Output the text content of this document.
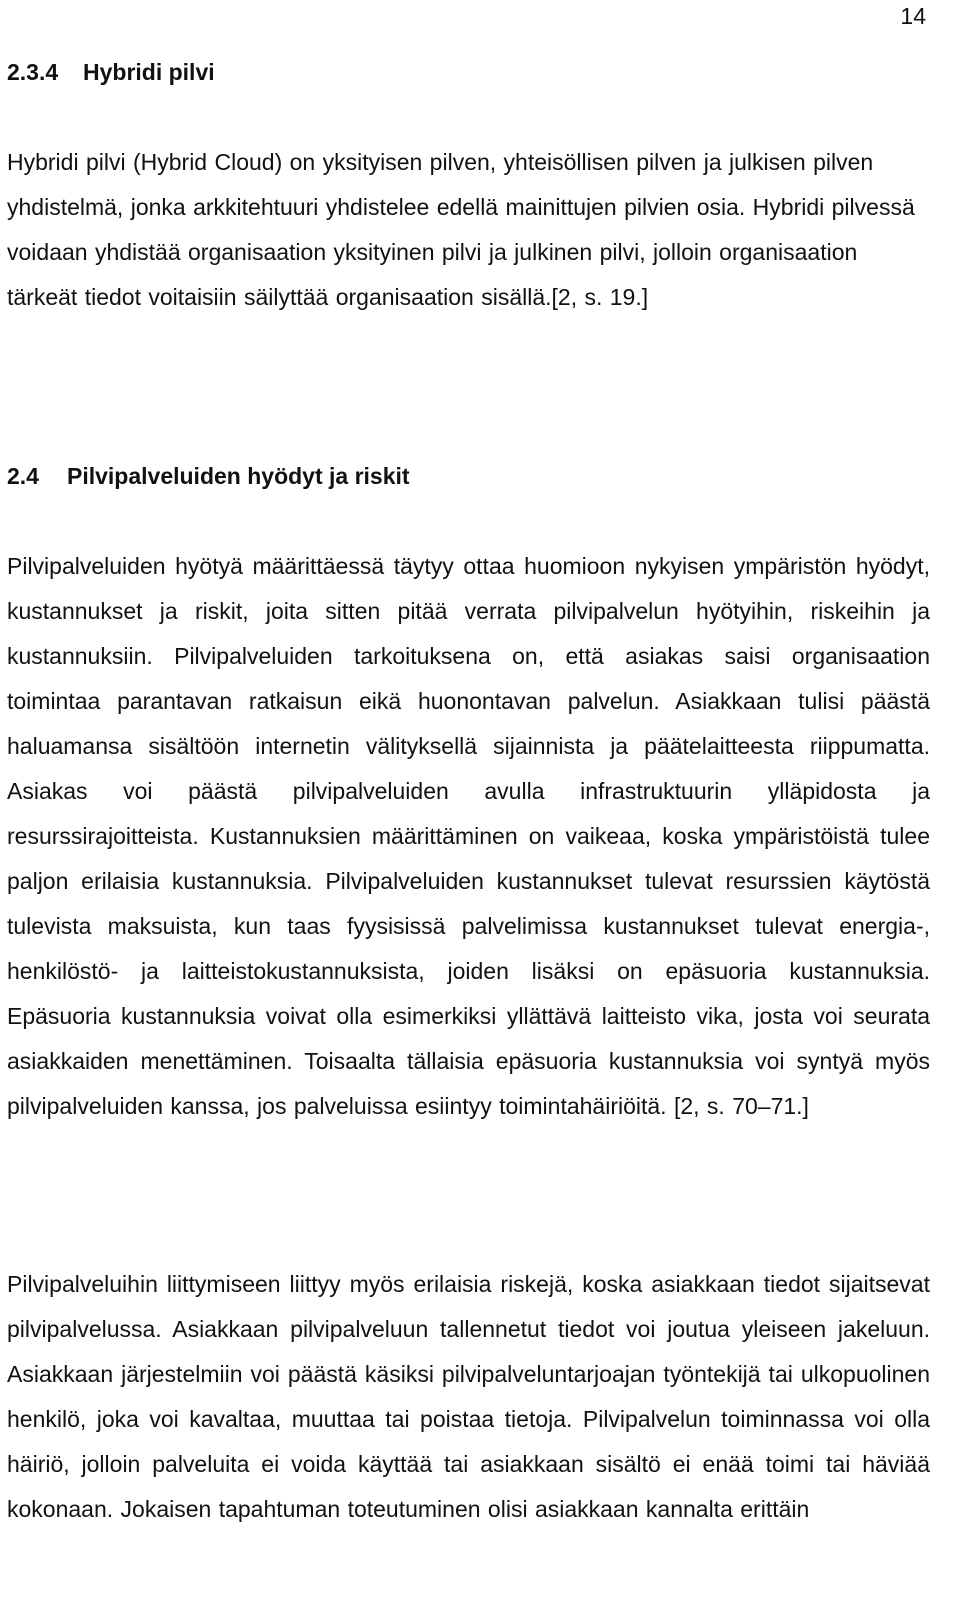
14
2.3.4 Hybridi pilvi

Hybridi pilvi (Hybrid Cloud) on yksityisen pilven, yhteisöllisen pilven ja julkisen pilven yhdistelmä, jonka arkkitehtuuri yhdistelee edellä mainittujen pilvien osia. Hybridi pilvessä voidaan yhdistää organisaation yksityinen pilvi ja julkinen pilvi, jolloin organisaation tärkeät tiedot voitaisiin säilyttää organisaation sisällä.[2, s. 19.]

2.4 Pilvipalveluiden hyödyt ja riskit

Pilvipalveluiden hyötyä määrittäessä täytyy ottaa huomioon nykyisen ympäristön hyödyt, kustannukset ja riskit, joita sitten pitää verrata pilvipalvelun hyötyihin, riskeihin ja kustannuksiin. Pilvipalveluiden tarkoituksena on, että asiakas saisi organisaation toimintaa parantavan ratkaisun eikä huonontavan palvelun. Asiakkaan tulisi päästä haluamansa sisältöön internetin välityksellä sijainnista ja päätelaitteesta riippumatta. Asiakas voi päästä pilvipalveluiden avulla infrastruktuurin ylläpidosta ja resurssirajoitteista. Kustannuksien määrittäminen on vaikeaa, koska ympäristöistä tulee paljon erilaisia kustannuksia. Pilvipalveluiden kustannukset tulevat resurssien käytöstä tulevista maksuista, kun taas fyysisissä palvelimissa kustannukset tulevat energia-, henkilöstö- ja laitteistokustannuksista, joiden lisäksi on epäsuoria kustannuksia. Epäsuoria kustannuksia voivat olla esimerkiksi yllättävä laitteisto vika, josta voi seurata asiakkaiden menettäminen. Toisaalta tällaisia epäsuoria kustannuksia voi syntyä myös pilvipalveluiden kanssa, jos palveluissa esiintyy toimintahäiriöitä. [2, s. 70–71.]

Pilvipalveluihin liittymiseen liittyy myös erilaisia riskejä, koska asiakkaan tiedot sijaitsevat pilvipalvelussa. Asiakkaan pilvipalveluun tallennetut tiedot voi joutua yleiseen jakeluun. Asiakkaan järjestelmiin voi päästä käsiksi pilvipalveluntarjoajan työntekijä tai ulkopuolinen henkilö, joka voi kavaltaa, muuttaa tai poistaa tietoja. Pilvipalvelun toiminnassa voi olla häiriö, jolloin palveluita ei voida käyttää tai asiakkaan sisältö ei enää toimi tai häviää kokonaan. Jokaisen tapahtuman toteutuminen olisi asiakkaan kannalta erittäin
